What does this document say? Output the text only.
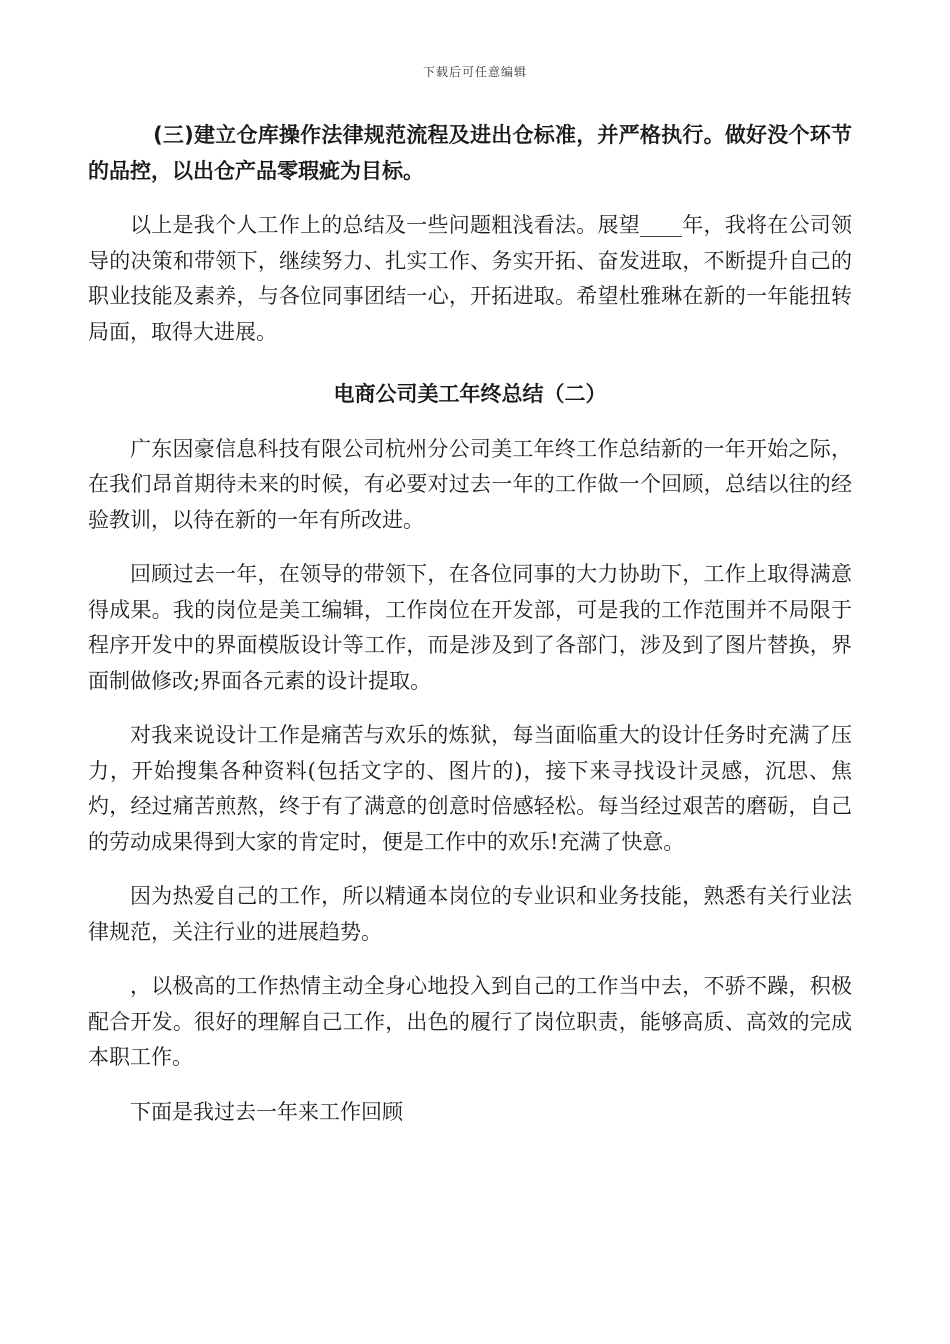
下载后可任意编辑

(三)建立仓库操作法律规范流程及进出仓标准，并严格执行。做好没个环节的品控，以出仓产品零瑕疵为目标。

以上是我个人工作上的总结及一些问题粗浅看法。展望____年，我将在公司领导的决策和带领下，继续努力、扎实工作、务实开拓、奋发进取，不断提升自己的职业技能及素养，与各位同事团结一心，开拓进取。希望杜雅琳在新的一年能扭转局面，取得大进展。

电商公司美工年终总结（二）

广东因豪信息科技有限公司杭州分公司美工年终工作总结新的一年开始之际，在我们昂首期待未来的时候，有必要对过去一年的工作做一个回顾，总结以往的经验教训，以待在新的一年有所改进。

回顾过去一年，在领导的带领下，在各位同事的大力协助下，工作上取得满意得成果。我的岗位是美工编辑，工作岗位在开发部，可是我的工作范围并不局限于程序开发中的界面模版设计等工作，而是涉及到了各部门，涉及到了图片替换，界面制做修改;界面各元素的设计提取。

对我来说设计工作是痛苦与欢乐的炼狱，每当面临重大的设计任务时充满了压力，开始搜集各种资料(包括文字的、图片的)，接下来寻找设计灵感，沉思、焦灼，经过痛苦煎熬，终于有了满意的创意时倍感轻松。每当经过艰苦的磨砺，自己的劳动成果得到大家的肯定时，便是工作中的欢乐!充满了快意。

因为热爱自己的工作，所以精通本岗位的专业识和业务技能，熟悉有关行业法律规范，关注行业的进展趋势。

，以极高的工作热情主动全身心地投入到自己的工作当中去，不骄不躁，积极配合开发。很好的理解自己工作，出色的履行了岗位职责，能够高质、高效的完成本职工作。

下面是我过去一年来工作回顾
